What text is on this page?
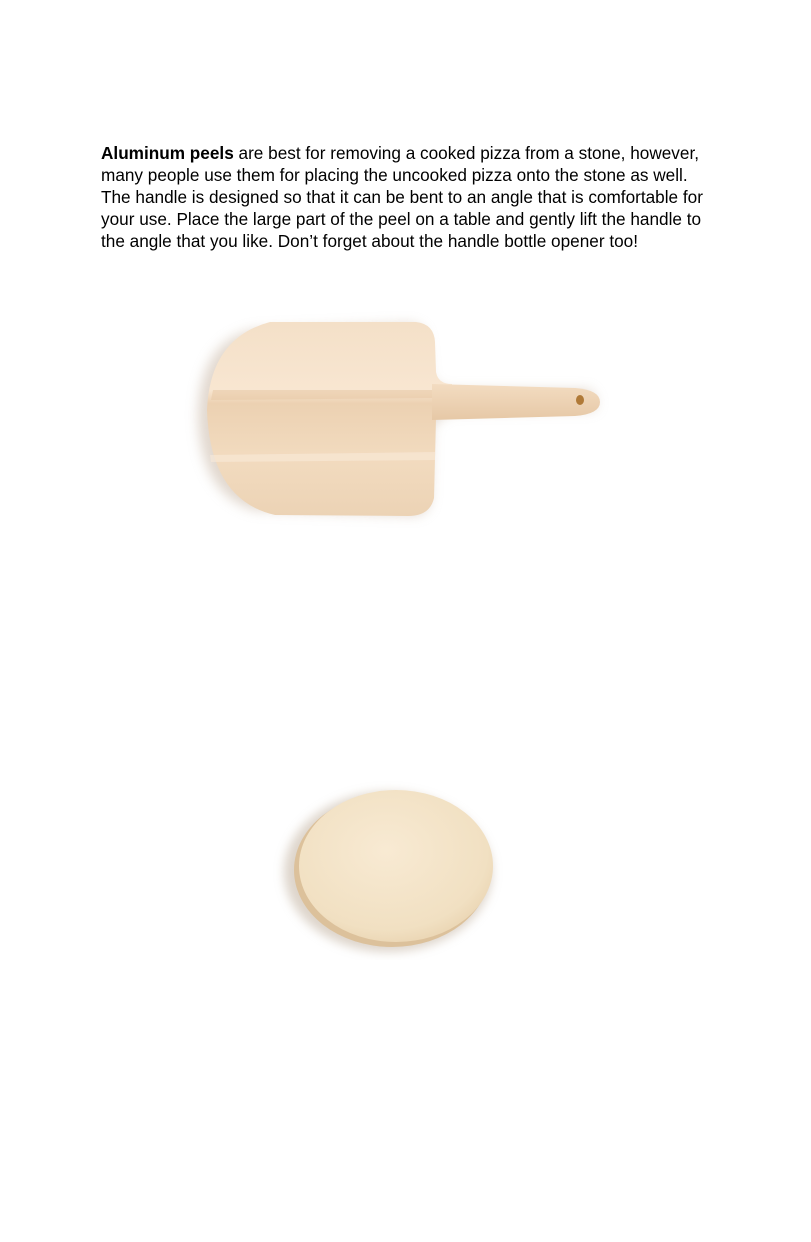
Aluminum peels are best for removing a cooked pizza from a stone, however, many people use them for placing the uncooked pizza onto the stone as well. The handle is designed so that it can be bent to an angle that is comfortable for your use. Place the large part of the peel on a table and gently lift the handle to the angle that you like. Don’t forget about the handle bottle opener too!
